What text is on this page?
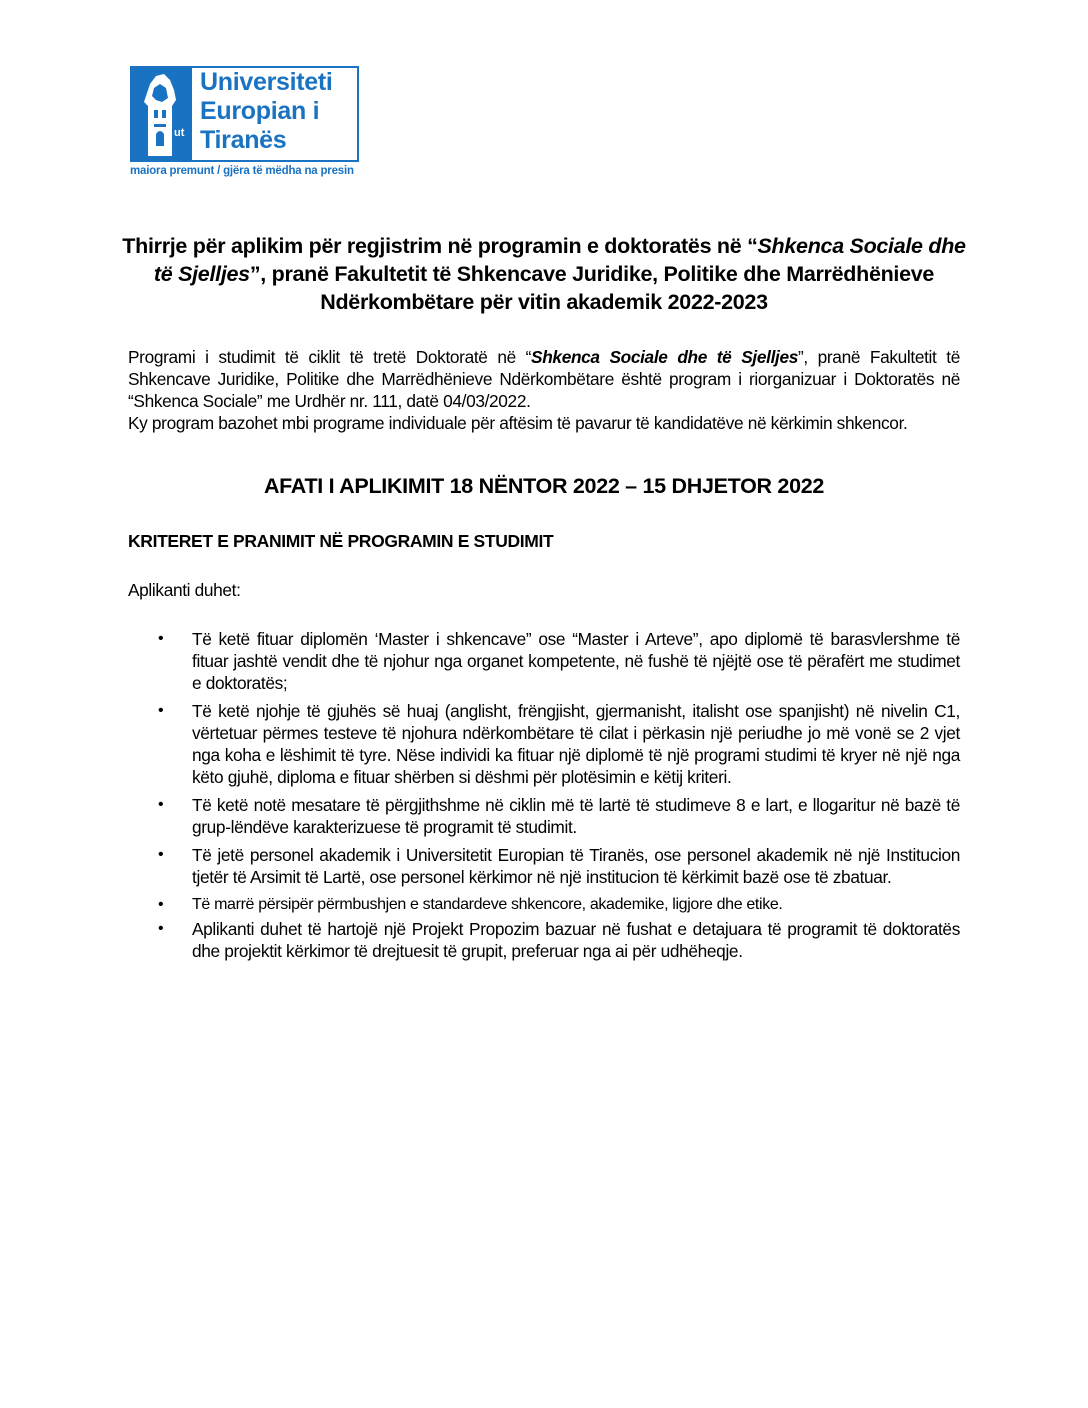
ut
Universiteti
Europian i
Tiranës
maiora premunt / gjëra të mëdha na presin
Thirrje për aplikim për regjistrim në programin e doktoratës në “Shkenca Sociale dhe të Sjelljes”, pranë Fakultetit të Shkencave Juridike, Politike dhe Marrëdhënieve Ndërkombëtare për vitin akademik 2022-2023

Programi i studimit të ciklit të tretë Doktoratë në “Shkenca Sociale dhe të Sjelljes”, pranë Fakultetit të Shkencave Juridike, Politike dhe Marrëdhënieve Ndërkombëtare është program i riorganizuar i Doktoratës në “Shkenca Sociale” me Urdhër nr. 111, datë 04/03/2022.

Ky program bazohet mbi programe individuale për aftësim të pavarur të kandidatëve në kërkimin shkencor.

AFATI I APLIKIMIT 18 NËNTOR 2022 – 15 DHJETOR 2022
KRITERET E PRANIMIT NË PROGRAMIN E STUDIMIT
Aplikanti duhet:
• Të ketë fituar diplomën ‘Master i shkencave” ose “Master i Arteve”, apo diplomë të barasvlershme të fituar jashtë vendit dhe të njohur nga organet kompetente, në fushë të njëjtë ose të përafërt me studimet e doktoratës;
• Të ketë njohje të gjuhës së huaj (anglisht, frëngjisht, gjermanisht, italisht ose spanjisht) në nivelin C1, vërtetuar përmes testeve të njohura ndërkombëtare të cilat i përkasin një periudhe jo më vonë se 2 vjet nga koha e lëshimit të tyre. Nëse individi ka fituar një diplomë të një programi studimi të kryer në një nga këto gjuhë, diploma e fituar shërben si dëshmi për plotësimin e këtij kriteri.
• Të ketë notë mesatare të përgjithshme në ciklin më të lartë të studimeve 8 e lart, e llogaritur në bazë të grup-lëndëve karakterizuese të programit të studimit.
• Të jetë personel akademik i Universitetit Europian të Tiranës, ose personel akademik në një Institucion tjetër të Arsimit të Lartë, ose personel kërkimor në një institucion të kërkimit bazë ose të zbatuar.
• Të marrë përsipër përmbushjen e standardeve shkencore, akademike, ligjore dhe etike.
• Aplikanti duhet të hartojë një Projekt Propozim bazuar në fushat e detajuara të programit të doktoratës dhe projektit kërkimor të drejtuesit të grupit, preferuar nga ai për udhëheqje.
